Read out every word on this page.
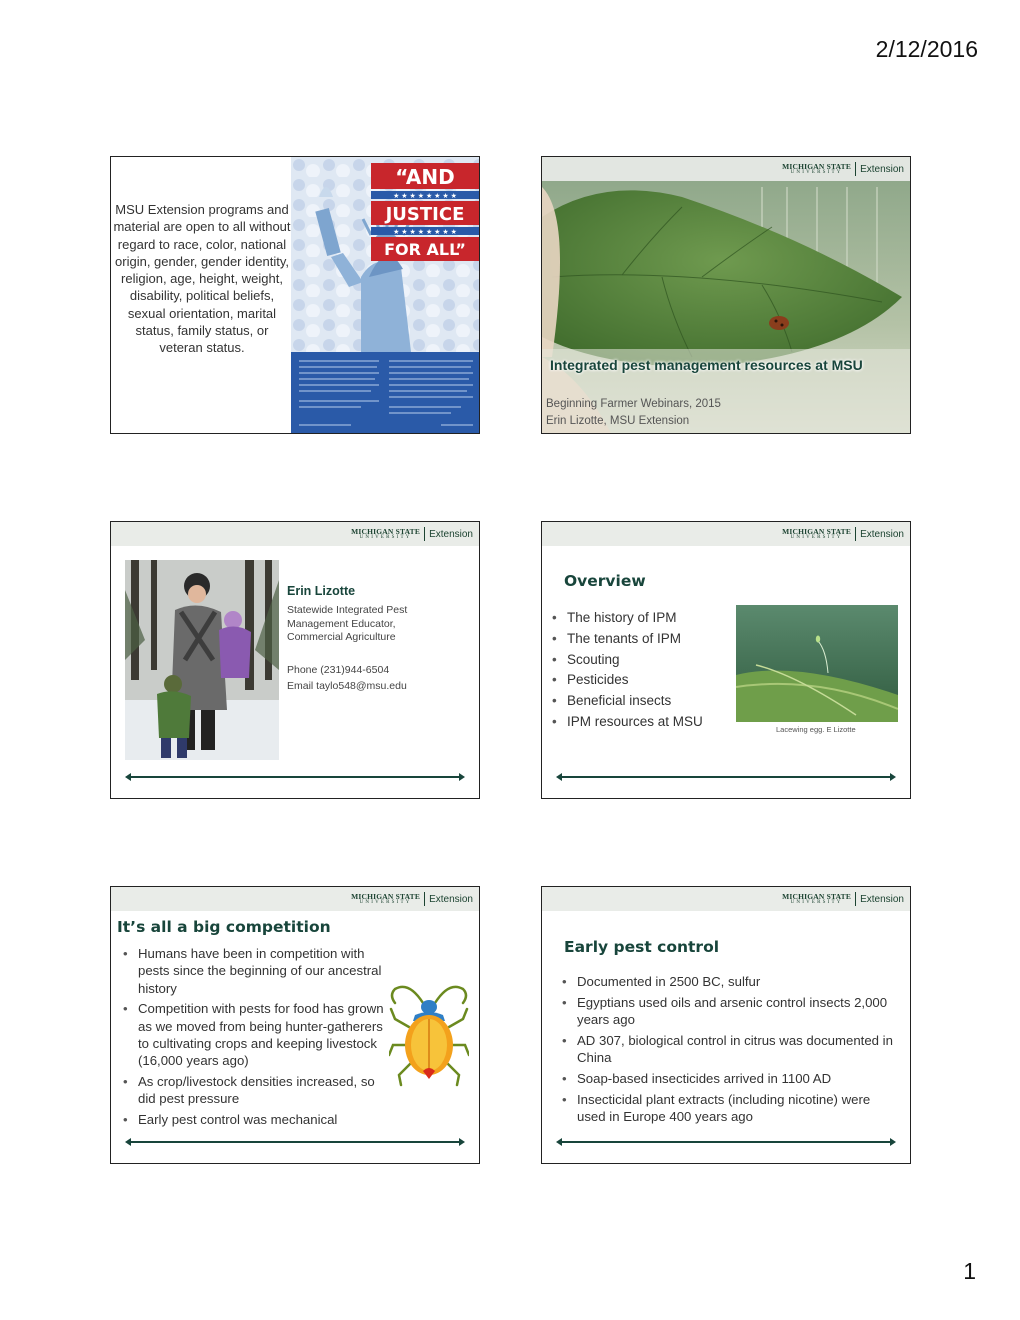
2/12/2016
MSU Extension programs and material are open to all without regard to race, color, national origin, gender, gender identity, religion, age, height, weight, disability, political beliefs, sexual orientation, marital status, family status, or veteran status.
“AND
★ ★ ★ ★ ★ ★ ★ ★
JUSTICE
★ ★ ★ ★ ★ ★ ★ ★
FOR ALL”
MICHIGAN STATE
UNIVERSITY Extension
Integrated pest management resources at MSU
Beginning Farmer Webinars, 2015
Erin Lizotte, MSU Extension
MICHIGAN STATE
UNIVERSITY Extension
Erin Lizotte
Statewide Integrated Pest Management Educator, Commercial Agriculture
Phone (231)944-6504
Email taylo548@msu.edu
MICHIGAN STATE
UNIVERSITY Extension
Overview
• The history of IPM
• The tenants of IPM
• Scouting
• Pesticides
• Beneficial insects
• IPM resources at MSU
Lacewing egg. E Lizotte
MICHIGAN STATE
UNIVERSITY Extension
It’s all a big competition
• Humans have been in competition with pests since the beginning of our ancestral history
• Competition with pests for food has grown as we moved from being hunter-gatherers to cultivating crops and keeping livestock (16,000 years ago)
• As crop/livestock densities increased, so did pest pressure
• Early pest control was mechanical
MICHIGAN STATE
UNIVERSITY Extension
Early pest control
• Documented in 2500 BC, sulfur
• Egyptians used oils and arsenic control insects 2,000 years ago
• AD 307, biological control in citrus was documented in China
• Soap-based insecticides arrived in 1100 AD
• Insecticidal plant extracts (including nicotine) were used in Europe 400 years ago
1
